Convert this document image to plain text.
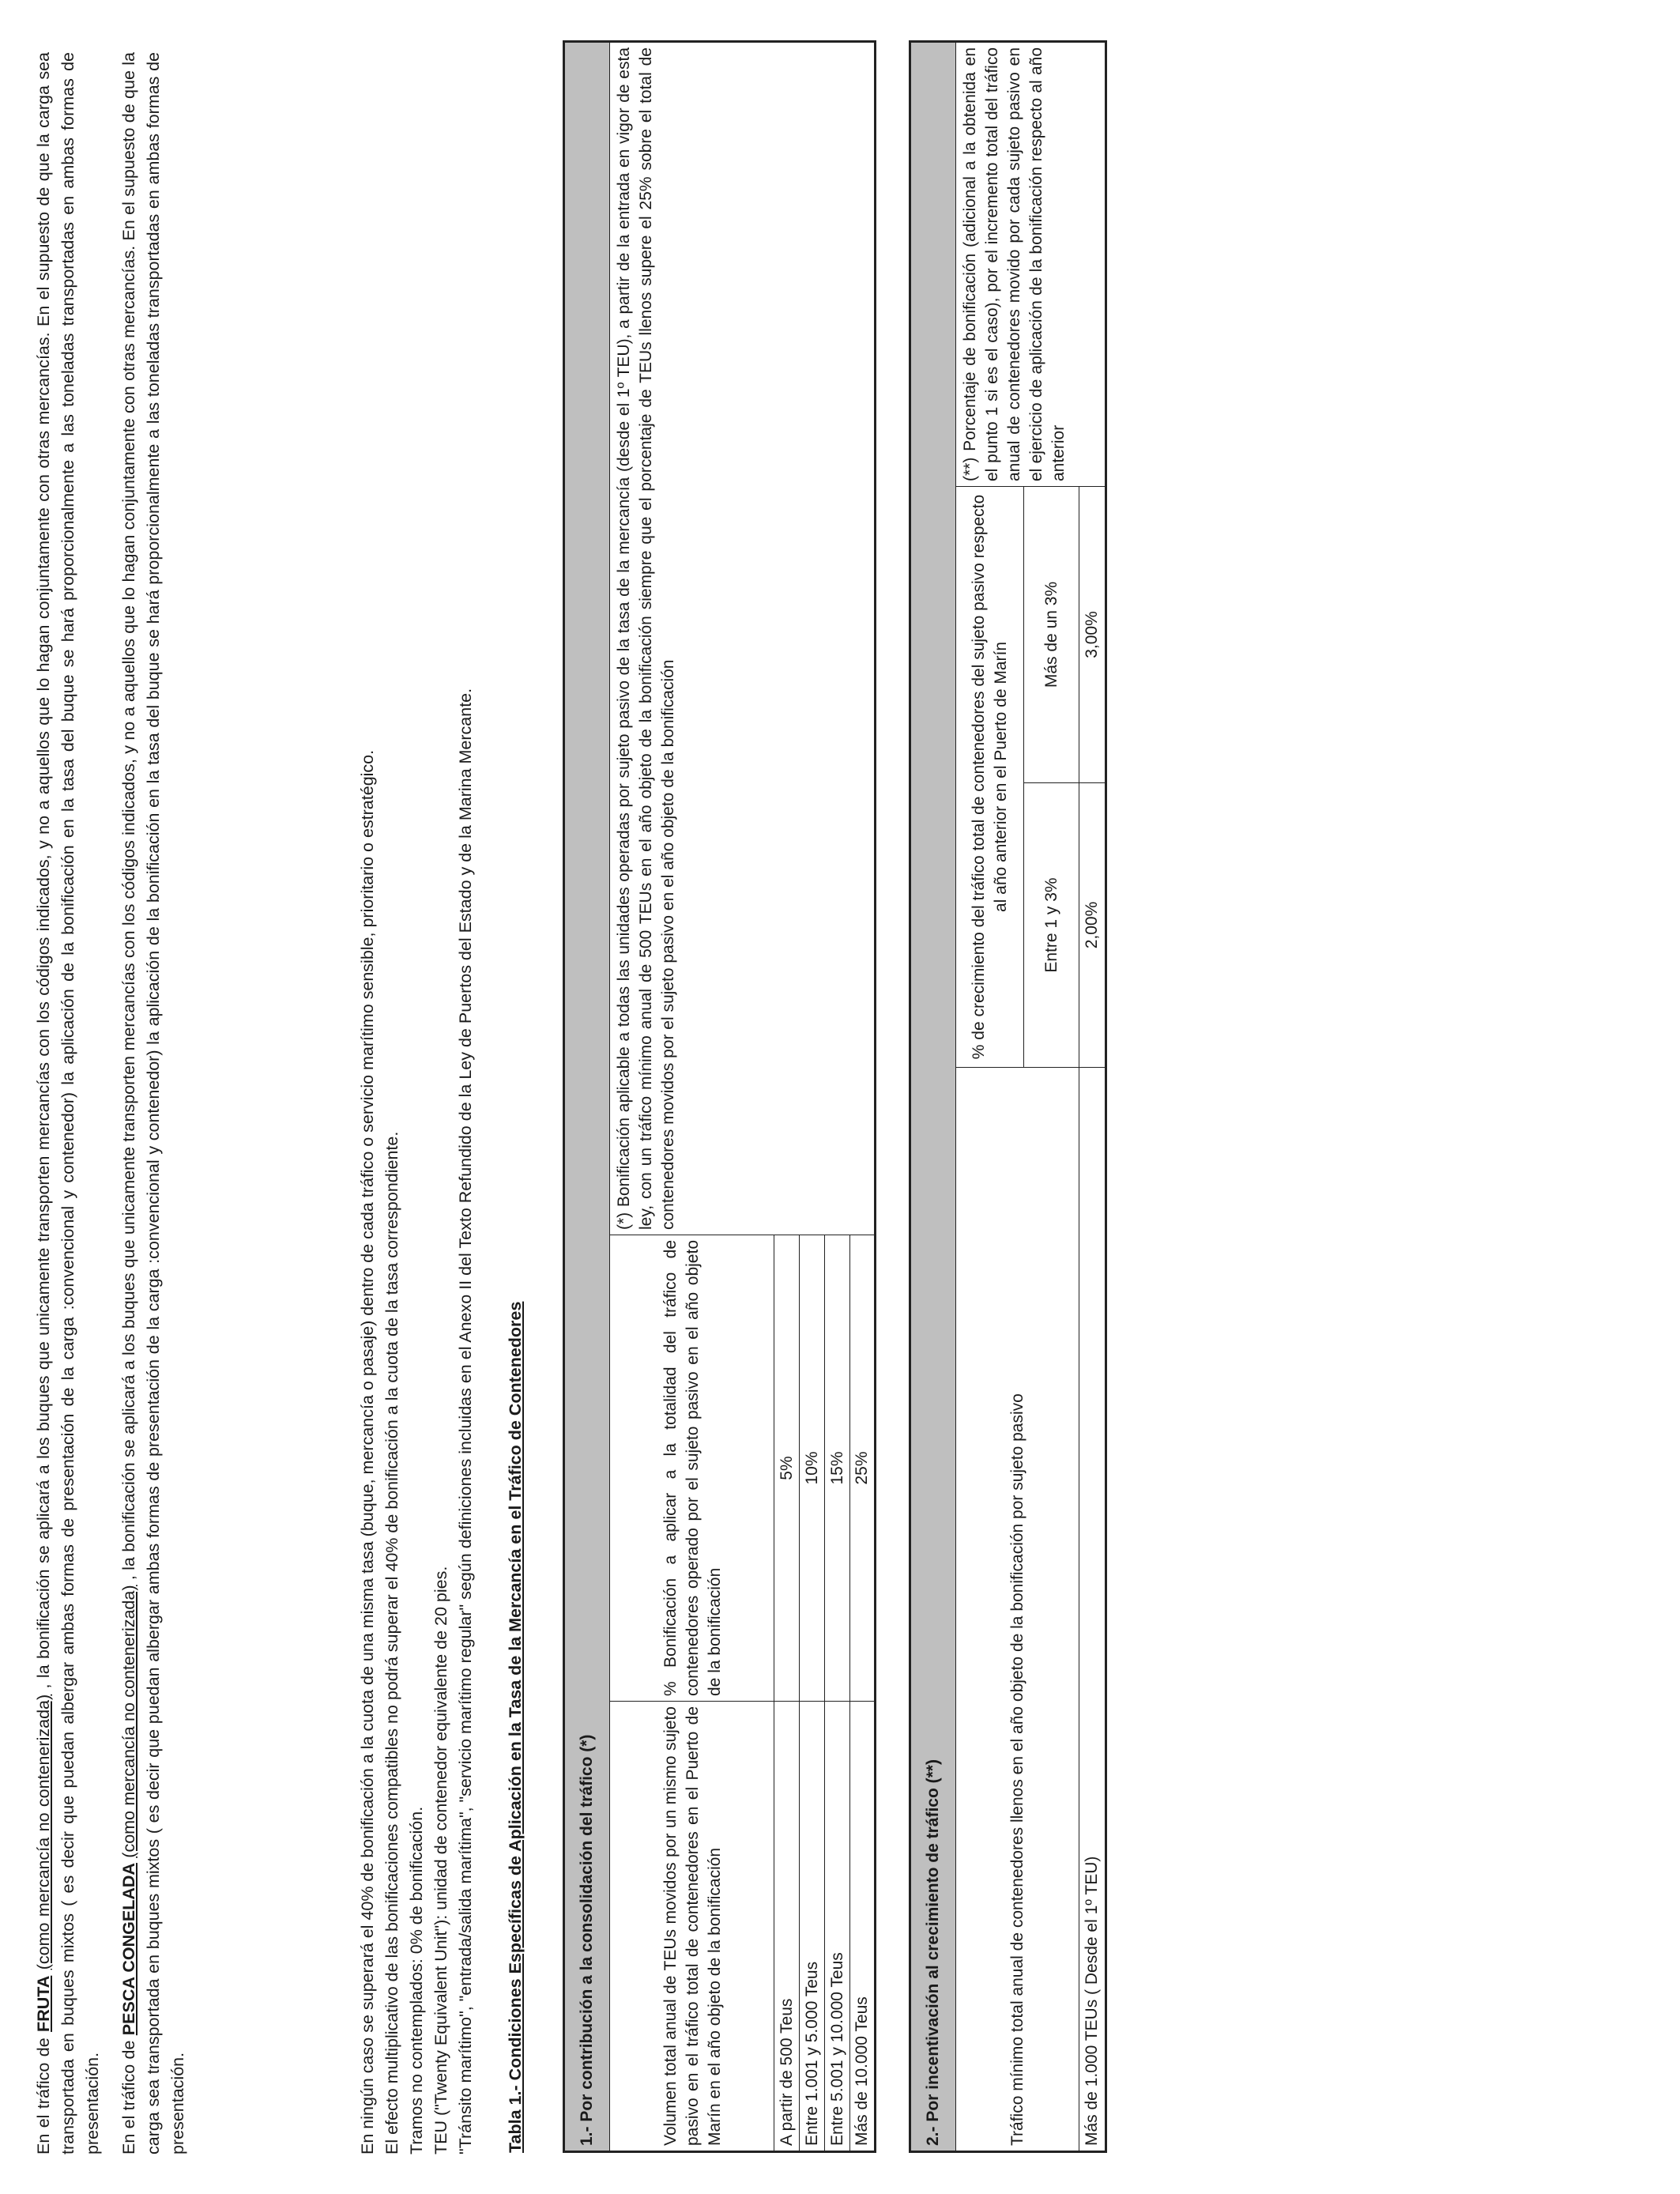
En el tráfico de FRUTA (como mercancía no contenerizada) , la bonificación se aplicará a los buques que unicamente transporten mercancías con los códigos indicados, y no a aquellos que lo hagan conjuntamente con otras mercancías. En el supuesto de que la carga sea transportada en buques mixtos ( es decir que puedan albergar ambas formas de presentación de la carga :convencional y contenedor) la aplicación de la bonificación en la tasa del buque se hará proporcionalmente a las toneladas transportadas en ambas formas de presentación. En el tráfico de PESCA CONGELADA (como mercancía no contenerizada) , la bonificación se aplicará a los buques que unicamente transporten mercancías con los códigos indicados, y no a aquellos que lo hagan conjuntamente con otras mercancías. En el supuesto de que la carga sea transportada en buques mixtos ( es decir que puedan albergar ambas formas de presentación de la carga :convencional y contenedor) la aplicación de la bonificación en la tasa del buque se hará proporcionalmente a las toneladas transportadas en ambas formas de presentación.	En ningún caso se superará el 40% de bonificación a la cuota de una misma tasa (buque, mercancía o pasaje) dentro de cada tráfico o servicio marítimo sensible, prioritario o estratégico. El efecto multiplicativo de las bonificaciones compatibles no podrá superar el 40% de bonificación a la cuota de la tasa correspondiente. Tramos no contemplados: 0% de bonificación. TEU ("Twenty Equivalent Unit"): unidad de contenedor equivalente de 20 pies. "Tránsito marítimo", "entrada/salida marítima", "servicio marítimo regular" según definiciones incluidas en el Anexo II del Texto Refundido de la Ley de Puertos del Estado y de la Marina Mercante. Tabla 1.- Condiciones Específicas de Aplicación en la Tasa de la Mercancía en el Tráfico de Contenedores	1.- Por contribución a la consolidación del tráfico (*)		
Volumen total anual de TEUs movidos por un mismo sujeto pasivo en el tráfico total de contenedores en el Puerto de Marín en el año objeto de la bonificación	% Bonificación a aplicar a la totalidad del tráfico de contenedores operado por el sujeto pasivo en el año objeto de la bonificación	(*) Bonificación aplicable a todas las unidades operadas por sujeto pasivo de la tasa de la mercancía (desde el 1º TEU), a partir de la entrada en vigor de esta ley, con un tráfico mínimo anual de 500 TEUs en el año objeto de la bonificación siempre que el porcentaje de TEUs llenos supere el 25% sobre el total de contenedores movidos por el sujeto pasivo en el año objeto de la bonificación
A partir de 500 Teus	5%	
Entre 1.001 y 5.000 Teus	10%	
Entre 5.001 y 10.000 Teus	15%	
Más de 10.000 Teus	25%	
2.- Por incentivación al crecimiento de tráfico (**)			
Tráfico mínimo total anual de contenedores llenos en el año objeto de la bonificación por sujeto pasivo	% de crecimiento del tráfico total de contenedores del sujeto pasivo respecto al año anterior en el Puerto de Marín		(**) Porcentaje de bonificación (adicional a la obtenida en el punto 1 si es el caso), por el incremento total del tráfico anual de contenedores movido por cada sujeto pasivo en el ejercicio de aplicación de la bonificación respecto al año anterior
	Entre 1 y 3%	Más de un 3%	
Más de 1.000 TEUs ( Desde el 1º TEU)	2,00%	3,00%	
